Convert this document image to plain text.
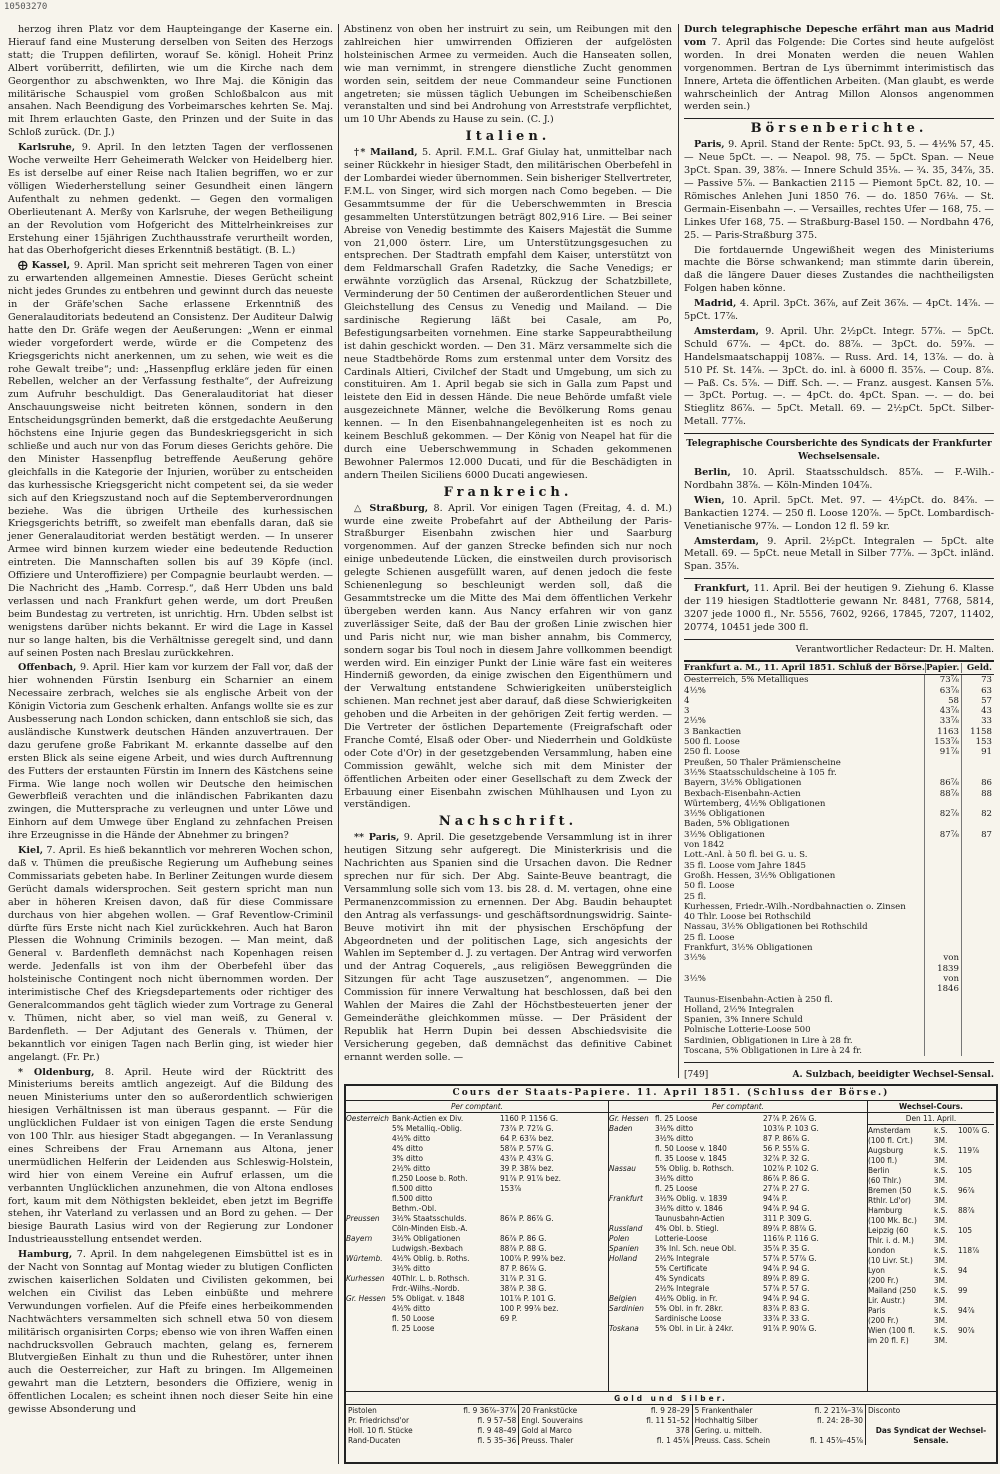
10503270

herzog ihren Platz vor dem Haupteingange der Kaserne ein. Hierauf fand eine Musterung derselben von Seiten des Herzogs statt; die Truppen defilirten, worauf Se. königl. Hoheit Prinz Albert vorüberritt, defilirten, wie um die Kirche nach dem Georgenthor zu abschwenkten, wo Ihre Maj. die Königin das militärische Schauspiel vom großen Schloßbalcon aus mit ansahen. Nach Beendigung des Vorbeimarsches kehrten Se. Maj. mit Ihrem erlauchten Gaste, den Prinzen und der Suite in das Schloß zurück. (Dr. J.)

Karlsruhe, 9. April. In den letzten Tagen der verflossenen Woche verweilte Herr Geheimerath Welcker von Heidelberg hier. Es ist derselbe auf einer Reise nach Italien begriffen, wo er zur völligen Wiederherstellung seiner Gesundheit einen längern Aufenthalt zu nehmen gedenkt. — Gegen den vormaligen Oberlieutenant A. Merßy von Karlsruhe, der wegen Betheiligung an der Revolution vom Hofgericht des Mittelrheinkreises zur Erstehung einer 15jährigen Zuchthausstrafe verurtheilt worden, hat das Oberhofgericht dieses Erkenntniß bestätigt. (B. L.)

⨁ Kassel, 9. April. Man spricht seit mehreren Tagen von einer zu erwartenden allgemeinen Amnestie. Dieses Gerücht scheint nicht jedes Grundes zu entbehren und gewinnt durch das neueste in der Gräfe'schen Sache erlassene Erkenntniß des Generalauditoriats bedeutend an Consistenz. Der Auditeur Dalwig hatte den Dr. Gräfe wegen der Aeußerungen: „Wenn er einmal wieder vorgefordert werde, würde er die Competenz des Kriegsgerichts nicht anerkennen, um zu sehen, wie weit es die rohe Gewalt treibe“; und: „Hassenpflug erkläre jeden für einen Rebellen, welcher an der Verfassung festhalte“, der Aufreizung zum Aufruhr beschuldigt. Das Generalauditoriat hat dieser Anschauungsweise nicht beitreten können, sondern in den Entscheidungsgründen bemerkt, daß die erstgedachte Aeußerung höchstens eine Injurie gegen das Bundeskriegsgericht in sich schließe und auch nur von das Forum dieses Gerichts gehöre. Die den Minister Hassenpflug betreffende Aeußerung gehöre gleichfalls in die Kategorie der Injurien, worüber zu entscheiden das kurhessische Kriegsgericht nicht competent sei, da sie weder sich auf den Kriegszustand noch auf die Septemberverordnungen beziehe. Was die übrigen Urtheile des kurhessischen Kriegsgerichts betrifft, so zweifelt man ebenfalls daran, daß sie jener Generalauditoriat werden bestätigt werden. — In unserer Armee wird binnen kurzem wieder eine bedeutende Reduction eintreten. Die Mannschaften sollen bis auf 39 Köpfe (incl. Offiziere und Unteroffiziere) per Compagnie beurlaubt werden. — Die Nachricht des „Hamb. Corresp.“, daß Herr Ubden uns bald verlassen und nach Frankfurt gehen werde, um dort Preußen beim Bundestag zu vertreten, ist unrichtig. Hrn. Ubden selbst ist wenigstens darüber nichts bekannt. Er wird die Lage in Kassel nur so lange halten, bis die Verhältnisse geregelt sind, und dann auf seinen Posten nach Breslau zurückkehren.

Offenbach, 9. April. Hier kam vor kurzem der Fall vor, daß der hier wohnenden Fürstin Isenburg ein Scharnier an einem Necessaire zerbrach, welches sie als englische Arbeit von der Königin Victoria zum Geschenk erhalten. Anfangs wollte sie es zur Ausbesserung nach London schicken, dann entschloß sie sich, das ausländische Kunstwerk deutschen Händen anzuvertrauen. Der dazu gerufene große Fabrikant M. erkannte dasselbe auf den ersten Blick als seine eigene Arbeit, und wies durch Auftrennung des Futters der erstaunten Fürstin im Innern des Kästchens seine Firma. Wie lange noch wollen wir Deutsche den heimischen Gewerbfleiß verachten und die inländischen Fabrikanten dazu zwingen, die Muttersprache zu verleugnen und unter Löwe und Einhorn auf dem Umwege über England zu zehnfachen Preisen ihre Erzeugnisse in die Hände der Abnehmer zu bringen?

Kiel, 7. April. Es hieß bekanntlich vor mehreren Wochen schon, daß v. Thümen die preußische Regierung um Aufhebung seines Commissariats gebeten habe. In Berliner Zeitungen wurde diesem Gerücht damals widersprochen. Seit gestern spricht man nun aber in höheren Kreisen davon, daß für diese Commissare durchaus von hier abgehen wollen. — Graf Reventlow-Criminil dürfte fürs Erste nicht nach Kiel zurückkehren. Auch hat Baron Plessen die Wohnung Criminils bezogen. — Man meint, daß General v. Bardenfleth demnächst nach Kopenhagen reisen werde. Jedenfalls ist von ihm der Oberbefehl über das holsteinische Contingent noch nicht übernommen worden. Der interimistische Chef des Kriegsdepartements oder richtiger des Generalcommandos geht täglich wieder zum Vortrage zu General v. Thümen, nicht aber, so viel man weiß, zu General v. Bardenfleth. — Der Adjutant des Generals v. Thümen, der bekanntlich vor einigen Tagen nach Berlin ging, ist wieder hier angelangt. (Fr. Pr.)

* Oldenburg, 8. April. Heute wird der Rücktritt des Ministeriums bereits amtlich angezeigt. Auf die Bildung des neuen Ministeriums unter den so außerordentlich schwierigen hiesigen Verhältnissen ist man überaus gespannt. — Für die unglücklichen Fuldaer ist von einigen Tagen die erste Sendung von 100 Thlr. aus hiesiger Stadt abgegangen. — In Veranlassung eines Schreibens der Frau Arnemann aus Altona, jener unermüdlichen Helferin der Leidenden aus Schleswig-Holstein, wird hier von einem Vereine ein Aufruf erlassen, um die verbannten Unglücklichen anzunehmen, die von Altona endloses fort, kaum mit dem Nöthigsten bekleidet, eben jetzt im Begriffe stehen, ihr Vaterland zu verlassen und an Bord zu gehen. — Der biesige Baurath Lasius wird von der Regierung zur Londoner Industrieausstellung entsendet werden.

Hamburg, 7. April. In dem nahgelegenen Eimsbüttel ist es in der Nacht von Sonntag auf Montag wieder zu blutigen Conflicten zwischen kaiserlichen Soldaten und Civilisten gekommen, bei welchen ein Civilist das Leben einbüßte und mehrere Verwundungen vorfielen. Auf die Pfeife eines herbeikommenden Nachtwächters versammelten sich schnell etwa 50 von diesem militärisch organisirten Corps; ebenso wie von ihren Waffen einen nachdrucksvollen Gebrauch machten, gelang es, fernerem Blutvergießen Einhalt zu thun und die Ruhestörer, unter ihnen auch die Oesterreicher, zur Haft zu bringen. Im Allgemeinen gewahrt man die Letztern, besonders die Offiziere, wenig in öffentlichen Localen; es scheint ihnen noch dieser Seite hin eine gewisse Absonderung und

Abstinenz von oben her instruirt zu sein, um Reibungen mit den zahlreichen hier umwirrenden Offizieren der aufgelösten holsteinischen Armee zu vermeiden. Auch die Hanseaten sollen, wie man vernimmt, in strengere dienstliche Zucht genommen worden sein, seitdem der neue Commandeur seine Functionen angetreten; sie müssen täglich Uebungen im Scheibenschießen veranstalten und sind bei Androhung von Arreststrafe verpflichtet, um 10 Uhr Abends zu Hause zu sein. (C. J.)

Italien.

†* Mailand, 5. April. F.M.L. Graf Giulay hat, unmittelbar nach seiner Rückkehr in hiesiger Stadt, den militärischen Oberbefehl in der Lombardei wieder übernommen. Sein bisheriger Stellvertreter, F.M.L. von Singer, wird sich morgen nach Como begeben. — Die Gesammtsumme der für die Ueberschwemmten in Brescia gesammelten Unterstützungen beträgt 802,916 Lire. — Bei seiner Abreise von Venedig bestimmte des Kaisers Majestät die Summe von 21,000 österr. Lire, um Unterstützungsgesuchen zu entsprechen. Der Stadtrath empfahl dem Kaiser, unterstützt von dem Feldmarschall Grafen Radetzky, die Sache Venedigs; er erwähnte vorzüglich das Arsenal, Rückzug der Schatzbillete, Verminderung der 50 Centimen der außerordentlichen Steuer und Gleichstellung des Census zu Venedig und Mailand. — Die sardinische Regierung läßt bei Casale, am Po, Befestigungsarbeiten vornehmen. Eine starke Sappeurabtheilung ist dahin geschickt worden. — Den 31. März versammelte sich die neue Stadtbehörde Roms zum erstenmal unter dem Vorsitz des Cardinals Altieri, Civilchef der Stadt und Umgebung, um sich zu constituiren. Am 1. April begab sie sich in Galla zum Papst und leistete den Eid in dessen Hände. Die neue Behörde umfaßt viele ausgezeichnete Männer, welche die Bevölkerung Roms genau kennen. — In den Eisenbahnangelegenheiten ist es noch zu keinem Beschluß gekommen. — Der König von Neapel hat für die durch eine Ueberschwemmung in Schaden gekommenen Bewohner Palermos 12.000 Ducati, und für die Beschädigten in andern Theilen Siciliens 6000 Ducati angewiesen.

Frankreich.

△ Straßburg, 8. April. Vor einigen Tagen (Freitag, 4. d. M.) wurde eine zweite Probefahrt auf der Abtheilung der Paris-Straßburger Eisenbahn zwischen hier und Saarburg vorgenommen. Auf der ganzen Strecke befinden sich nur noch einige unbedeutende Lücken, die einstweilen durch provisorisch gelegte Schienen ausgefüllt waren, auf denen jedoch die feste Schienenlegung so beschleunigt werden soll, daß die Gesammtstrecke um die Mitte des Mai dem öffentlichen Verkehr übergeben werden kann. Aus Nancy erfahren wir von ganz zuverlässiger Seite, daß der Bau der großen Linie zwischen hier und Paris nicht nur, wie man bisher annahm, bis Commercy, sondern sogar bis Toul noch in diesem Jahre vollkommen beendigt werden wird. Ein einziger Punkt der Linie wäre fast ein weiteres Hinderniß geworden, da einige zwischen den Eigenthümern und der Verwaltung entstandene Schwierigkeiten unübersteiglich schienen. Man rechnet jest aber darauf, daß diese Schwierigkeiten gehoben und die Arbeiten in der gehörigen Zeit fertig werden. — Die Vertreter der östlichen Departemente (Freigrafschaft oder Franche Comté, Elsaß oder Ober- und Niederrhein und Goldküste oder Cote d'Or) in der gesetzgebenden Versammlung, haben eine Commission gewählt, welche sich mit dem Minister der öffentlichen Arbeiten oder einer Gesellschaft zu dem Zweck der Erbauung einer Eisenbahn zwischen Mühlhausen und Lyon zu verständigen.

Nachschrift.

** Paris, 9. April. Die gesetzgebende Versammlung ist in ihrer heutigen Sitzung sehr aufgeregt. Die Ministerkrisis und die Nachrichten aus Spanien sind die Ursachen davon. Die Redner sprechen nur für sich. Der Abg. Sainte-Beuve beantragt, die Versammlung solle sich vom 13. bis 28. d. M. vertagen, ohne eine Permanenzcommission zu ernennen. Der Abg. Baudin behauptet den Antrag als verfassungs- und geschäftsordnungswidrig. Sainte-Beuve motivirt ihn mit der physischen Erschöpfung der Abgeordneten und der politischen Lage, sich angesichts der Wahlen im September d. J. zu vertagen. Der Antrag wird verworfen und der Antrag Coquerels, „aus religiösen Beweggründen die Sitzungen für acht Tage auszusetzen“, angenommen. — Die Commission für innere Verwaltung hat beschlossen, daß bei den Wahlen der Maires die Zahl der Höchstbesteuerten jener der Gemeinderäthe gleichkommen müsse. — Der Präsident der Republik hat Herrn Dupin bei dessen Abschiedsvisite die Versicherung gegeben, daß demnächst das definitive Cabinet ernannt werden solle. —

Durch telegraphische Depesche erfährt man aus Madrid vom 7. April das Folgende: Die Cortes sind heute aufgelöst worden. In drei Monaten werden die neuen Wahlen vorgenommen. Bertran de Lys übernimmt interimistisch das Innere, Arteta die öffentlichen Arbeiten. (Man glaubt, es werde wahrscheinlich der Antrag Millon Alonsos angenommen werden sein.)

Börsenberichte.

Paris, 9. April. Stand der Rente: 5pCt. 93, 5. — 4½% 57, 45. — Neue 5pCt. —. — Neapol. 98, 75. — 5pCt. Span. — Neue 3pCt. Span. 39, 38⅞. — Innere Schuld 35⅛. — ¾. 35, 34⅞, 35. — Passive 5⅞. — Bankactien 2115 — Piemont 5pCt. 82, 10. — Römisches Anlehen Juni 1850 76. — do. 1850 76⅛. — St. Germain-Eisenbahn —. — Versailles, rechtes Ufer — 168, 75. — Linkes Ufer 168, 75. — Straßburg-Basel 150. — Nordbahn 476, 25. — Paris-Straßburg 375.

Die fortdauernde Ungewißheit wegen des Ministeriums machte die Börse schwankend; man stimmte darin überein, daß die längere Dauer dieses Zustandes die nachtheiligsten Folgen haben könne.

Madrid, 4. April. 3pCt. 36⅞, auf Zeit 36⅞. — 4pCt. 14⅞. — 5pCt. 17⅞.

Amsterdam, 9. April. Uhr. 2½pCt. Integr. 57⅞. — 5pCt. Schuld 67⅞. — 4pCt. do. 88⅞. — 3pCt. do. 59⅞. — Handelsmaatschappij 108⅞. — Russ. Ard. 14, 13⅞. — do. à 510 Pf. St. 14⅞. — 3pCt. do. inl. à 6000 fl. 35⅞. — Coup. 8⅞. — Paß. Cs. 5⅞. — Diff. Sch. —. — Franz. ausgest. Kansen 5⅞. — 3pCt. Portug. —. — 4pCt. do. 4pCt. Span. —. — do. bei Stieglitz 86⅞. — 5pCt. Metall. 69. — 2½pCt. 5pCt. Silber-Metall. 77⅞.

Telegraphische Coursberichte des Syndicats der Frankfurter Wechselsensale.

Berlin, 10. April. Staatsschuldsch. 85⅞. — F.-Wilh.-Nordbahn 38⅞. — Köln-Minden 104⅞.

Wien, 10. April. 5pCt. Met. 97. — 4½pCt. do. 84⅞. — Bankactien 1274. — 250 fl. Loose 120⅞. — 5pCt. Lombardisch-Venetianische 97⅞. — London 12 fl. 59 kr.

Amsterdam, 9. April. 2½pCt. Integralen — 5pCt. alte Metall. 69. — 5pCt. neue Metall in Silber 77⅞. — 3pCt. inländ. Span. 35⅞.

Frankfurt, 11. April. Bei der heutigen 9. Ziehung 6. Klasse der 119 hiesigen Stadtlotterie gewann Nr. 8481, 7768, 5814, 3207 jede 1000 fl., Nr. 5556, 7602, 9266, 17845, 7207, 11402, 20774, 10451 jede 300 fl.

Verantwortlicher Redacteur: Dr. H. Malten.
Frankfurt a. M., 11. April 1851. Schluß der Börse. Papier. Geld.
Oesterreich, 5% Metalliques	73⅞	73
4½%	63⅞	63
4	58	57
3	43⅞	43
2½%	33⅞	33
3 Bankactien	1163	1158
500 fl. Loose	153⅞	153
250 fl. Loose	91⅞	91
Preußen, 50 Thaler Prämienscheine
3½% Staatsschuldscheine à 105 fr.
Bayern, 3½% Obligationen	86⅞	86
Bexbach-Eisenbahn-Actien	88⅞	88
Würtemberg, 4½% Obligationen
3½% Obligationen	82⅞	82
Baden, 5% Obligationen
3½% Obligationen	87⅞	87
von 1842
Lott.-Anl. à 50 fl. bei G. u. S.
35 fl. Loose vom Jahre 1845
Großh. Hessen, 3½% Obligationen
50 fl. Loose
25 fl.
Kurhessen, Friedr.-Wilh.-Nordbahnactien o. Zinsen
40 Thlr. Loose bei Rothschild
Nassau, 3½% Obligationen bei Rothschild
25 fl. Loose
Frankfurt, 3½% Obligationen
3½%	von 1839
3½%	von 1846
Taunus-Eisenbahn-Actien à 250 fl.
Holland, 2½% Integralen
Spanien, 3% Innere Schuld
Polnische Lotterie-Loose 500
Sardinien, Obligationen in Lire à 28 fr.
Toscana, 5% Obligationen in Lire à 24 fr.
[749]	A. Sulzbach, beeidigter Wechsel-Sensal.
Cours der Staats-Papiere. 11. April 1851. (Schluss der Börse.)
Per comptant.
Oesterreich Bank-Actien ex Div.	1160 P. 1156 G.
5% Metalliq.-Oblig.	73⅞ P. 72⅞ G.
4½% ditto	64 P. 63⅞ bez.
4% ditto	58⅞ P. 57⅞ G.
3% ditto	43⅞ P. 43⅞ G.
2½% ditto	39 P. 38⅞ bez.
fl.250 Loose b. Roth.	91⅞ P. 91⅞ bez.
fl.500 ditto	153⅞
fl.500 ditto
Bethm.-Obl.
Preussen	3½% Staatsschulds.	86⅞ P. 86⅞ G.
Cöln-Minden Eisb.-A.
Bayern	3½% Obligationen	86⅞ P. 86 G.
Ludwigsh.-Bexbach	88⅞ P. 88 G.
Würtemb.	4½% Oblig. b. Roths.	100⅞ P. 99⅞ bez.
3½% ditto	87 P. 86⅞ G.
Kurhessen 40Thlr. L. b. Rothsch.	31⅞ P. 31 G.
Frdr.-Wilhs.-Nordb.	38⅞ P. 38 G.
Gr. Hessen 5% Obligat. v. 1848	101⅞ P. 101 G.
4½% ditto	100 P. 99⅞ bez.
fl. 50 Loose	69 P.
fl. 25 Loose
Per comptant.
Gr. Hessen fl. 25 Loose	27⅞ P. 26⅞ G.
Baden	3½% ditto	103⅞ P. 103 G.
3½% ditto	87 P. 86⅞ G.
fl. 50 Loose v. 1840	56 P. 55⅞ G.
fl. 35 Loose v. 1845	32⅞ P. 32 G.
Nassau	5% Oblig. b. Rothsch.	102⅞ P. 102 G.
3½% ditto	86⅞ P. 86 G.
fl. 25 Loose	27⅞ P. 27 G.
Frankfurt	3½% Oblig. v. 1839	94⅞ P.
3½% ditto v. 1846	94⅞ P. 94 G.
Taunusbahn-Actien	311 P. 309 G.
Russland	4% Obl. b. Stiegl.	89⅞ P. 88⅞ G.
Polen	Lotterie-Loose	116⅞ P. 116 G.
Spanien	3% Inl. Sch. neue Obl.	35⅞ P. 35 G.
Holland	2½% Integrale	57⅞ P. 57⅞ G.
5% Certificate	94⅞ P. 94 G.
4% Syndicats	89⅞ P. 89 G.
2½% Integrale	57⅞ P. 57 G.
Belgien	4½% Oblig. in Fr.	94⅞ P. 94 G.
Sardinien	5% Obl. in fr. 28kr.	83⅞ P. 83 G.
Sardinische Loose	33⅞ P. 33 G.
Toskana	5% Obl. in Lir. à 24kr.	91⅞ P. 90⅞ G.
Wechsel-Cours.
Den 11. April.
Amsterdam	k.S.	100⅞ G.
(100 fl. Crt.)	3M.
Augsburg	k.S.	119⅞
(100 fl.)	3M.
Berlin	k.S.	105
(60 Thlr.)	3M.
Bremen (50	k.S.	96⅞
Rthlr. Ld'or)	3M.
Hamburg	k.S.	88⅞
(100 Mk. Bc.)	3M.
Leipzig (60	k.S.	105
Thlr. i. d. M.)	3M.
London	k.S.	118⅞
(10 Livr. St.)	3M.
Lyon	k.S.	94
(200 Fr.)	3M.
Mailand (250	k.S.	99
Lir. Austr.)	3M.
Paris	k.S.	94⅞
(200 Fr.)	3M.
Wien (100 fl.	k.S.	90⅞
im 20 fl. F.)	3M.
Gold und Silber.
Pistolen	fl. 9 36⅞–37⅞
Pr. Friedrichsd'or	fl. 9 57–58
Holl. 10 fl. Stücke	fl. 9 48–49
Rand-Ducaten	fl. 5 35–36
20 Frankstücke	fl. 9 28–29
Engl. Souverains	fl. 11 51–52
Gold al Marco	378
Preuss. Thaler	fl. 1 45⅞
5 Frankenthaler	fl. 2 21⅞–3⅞
Hochhaltig Silber	fl. 24: 28–30
Gering. u. mittelh.
Preuss. Cass. Schein	fl. 1 45⅞–45⅞
Disconto
Das Syndicat der Wechsel-Sensale.
